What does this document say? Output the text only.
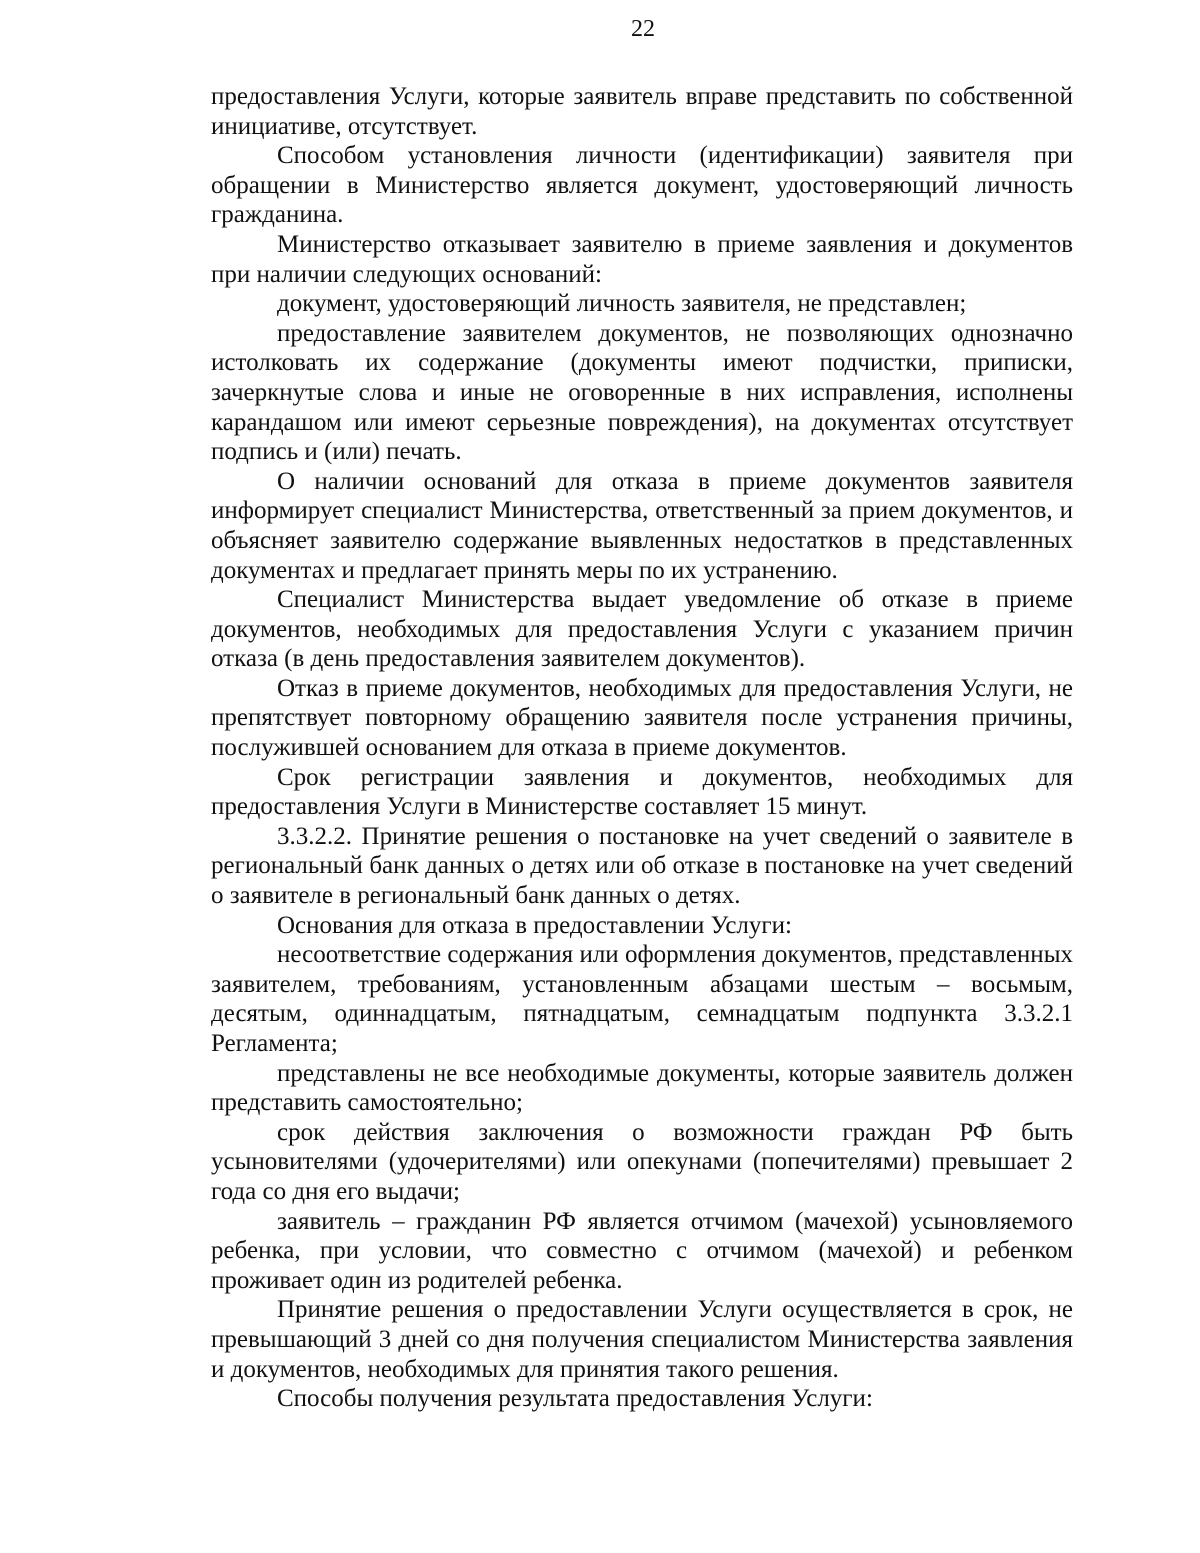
22

предоставления Услуги, которые заявитель вправе представить по собственной инициативе, отсутствует.

Способом установления личности (идентификации) заявителя при обращении в Министерство является документ, удостоверяющий личность гражданина.

Министерство отказывает заявителю в приеме заявления и документов при наличии следующих оснований:

документ, удостоверяющий личность заявителя, не представлен;

предоставление заявителем документов, не позволяющих однозначно истолковать их содержание (документы имеют подчистки, приписки, зачеркнутые слова и иные не оговоренные в них исправления, исполнены карандашом или имеют серьезные повреждения), на документах отсутствует подпись и (или) печать.

О наличии оснований для отказа в приеме документов заявителя информирует специалист Министерства, ответственный за прием документов, и объясняет заявителю содержание выявленных недостатков в представленных документах и предлагает принять меры по их устранению.

Специалист Министерства выдает уведомление об отказе в приеме документов, необходимых для предоставления Услуги с указанием причин отказа (в день предоставления заявителем документов).

Отказ в приеме документов, необходимых для предоставления Услуги, не препятствует повторному обращению заявителя после устранения причины, послужившей основанием для отказа в приеме документов.

Срок регистрации заявления и документов, необходимых для предоставления Услуги в Министерстве составляет 15 минут.

3.3.2.2. Принятие решения о постановке на учет сведений о заявителе в региональный банк данных о детях или об отказе в постановке на учет сведений о заявителе в региональный банк данных о детях.

Основания для отказа в предоставлении Услуги:

несоответствие содержания или оформления документов, представленных заявителем, требованиям, установленным абзацами шестым – восьмым, десятым, одиннадцатым, пятнадцатым, семнадцатым подпункта 3.3.2.1 Регламента;

представлены не все необходимые документы, которые заявитель должен представить самостоятельно;

срок действия заключения о возможности граждан РФ быть усыновителями (удочерителями) или опекунами (попечителями) превышает 2 года со дня его выдачи;

заявитель – гражданин РФ является отчимом (мачехой) усыновляемого ребенка, при условии, что совместно с отчимом (мачехой) и ребенком проживает один из родителей ребенка.

Принятие решения о предоставлении Услуги осуществляется в срок, не превышающий 3 дней со дня получения специалистом Министерства заявления и документов, необходимых для принятия такого решения.

Способы получения результата предоставления Услуги:
